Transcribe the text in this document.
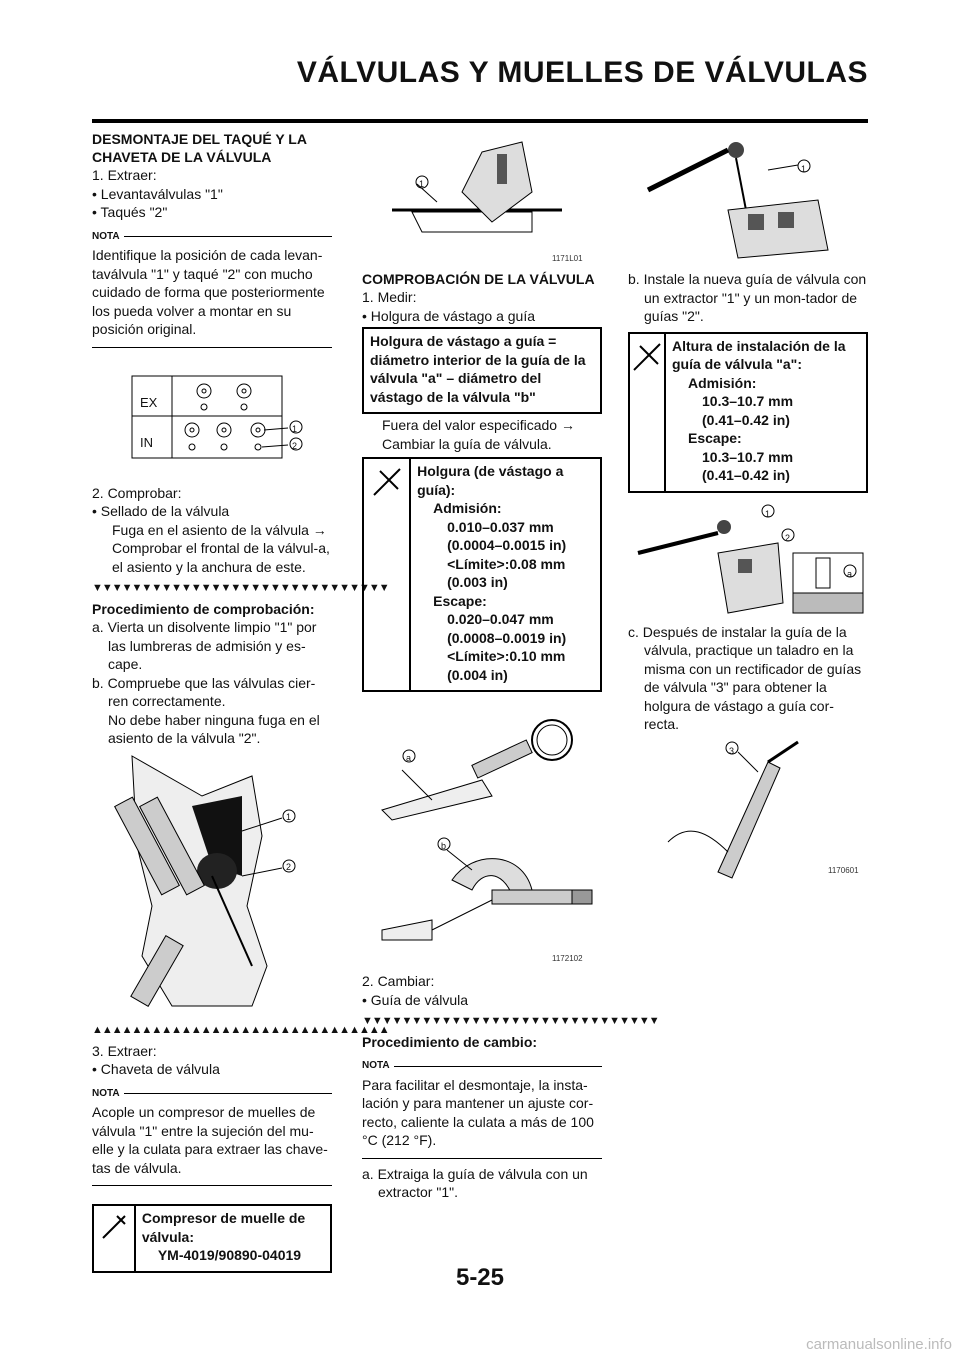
VÁLVULAS Y MUELLES DE VÁLVULAS

DESMONTAJE DEL TAQUÉ Y LA CHAVETA DE LA VÁLVULA

1. Extraer:

• Levantaválvulas "1"

• Taqués "2"

NOTA

Identifique la posición de cada levan-taválvula "1" y taqué "2" con mucho cuidado de forma que posteriormente los pueda volver a montar en su posición original.

EX
IN
1
2

2. Comprobar:

• Sellado de la válvula

Fuga en el asiento de la válvula → Comprobar el frontal de la válvul-a, el asiento y la anchura de este.

▼▼▼▼▼▼▼▼▼▼▼▼▼▼▼▼▼▼▼▼▼▼▼▼▼▼▼▼▼▼

Procedimiento de comprobación:

a. Vierta un disolvente limpio "1" por las lumbreras de admisión y es-cape.

b. Compruebe que las válvulas cier-ren correctamente.

No debe haber ninguna fuga en el asiento de la válvula "2".

1
2
▲▲▲▲▲▲▲▲▲▲▲▲▲▲▲▲▲▲▲▲▲▲▲▲▲▲▲▲▲▲

3. Extraer:

• Chaveta de válvula

NOTA

Acople un compresor de muelles de válvula "1" entre la sujeción del mu-elle y la culata para extraer las chave-tas de válvula.

Compresor de muelle de válvula:
YM-4019/90890-04019
1
1171L01

COMPROBACIÓN DE LA VÁLVULA

1. Medir:

• Holgura de vástago a guía

Holgura de vástago a guía = diámetro interior de la guía de la válvula "a" – diámetro del vástago de la válvula "b"

Fuera del valor especificado → Cambiar la guía de válvula.

Holgura (de vástago a guía):
Admisión:
0.010–0.037 mm
(0.0004–0.0015 in)
<Límite>:0.08 mm
(0.003 in)
Escape:
0.020–0.047 mm
(0.0008–0.0019 in)
<Límite>:0.10 mm
(0.004 in)
a
b
1172102

2. Cambiar:

• Guía de válvula

▼▼▼▼▼▼▼▼▼▼▼▼▼▼▼▼▼▼▼▼▼▼▼▼▼▼▼▼▼▼

Procedimiento de cambio:

NOTA

Para facilitar el desmontaje, la insta-lación y para mantener un ajuste cor-recto, caliente la culata a más de 100 °C (212 °F).

a. Extraiga la guía de válvula con un extractor "1".

1

b. Instale la nueva guía de válvula con un extractor "1" y un mon-tador de guías "2".

Altura de instalación de la guía de válvula "a":
Admisión:
10.3–10.7 mm
(0.41–0.42 in)
Escape:
10.3–10.7 mm
(0.41–0.42 in)
1
2
a

c. Después de instalar la guía de la válvula, practique un taladro en la misma con un rectificador de guías de válvula "3" para obtener la holgura de vástago a guía cor-recta.

3
1170601
5-25
carmanualsonline.info
